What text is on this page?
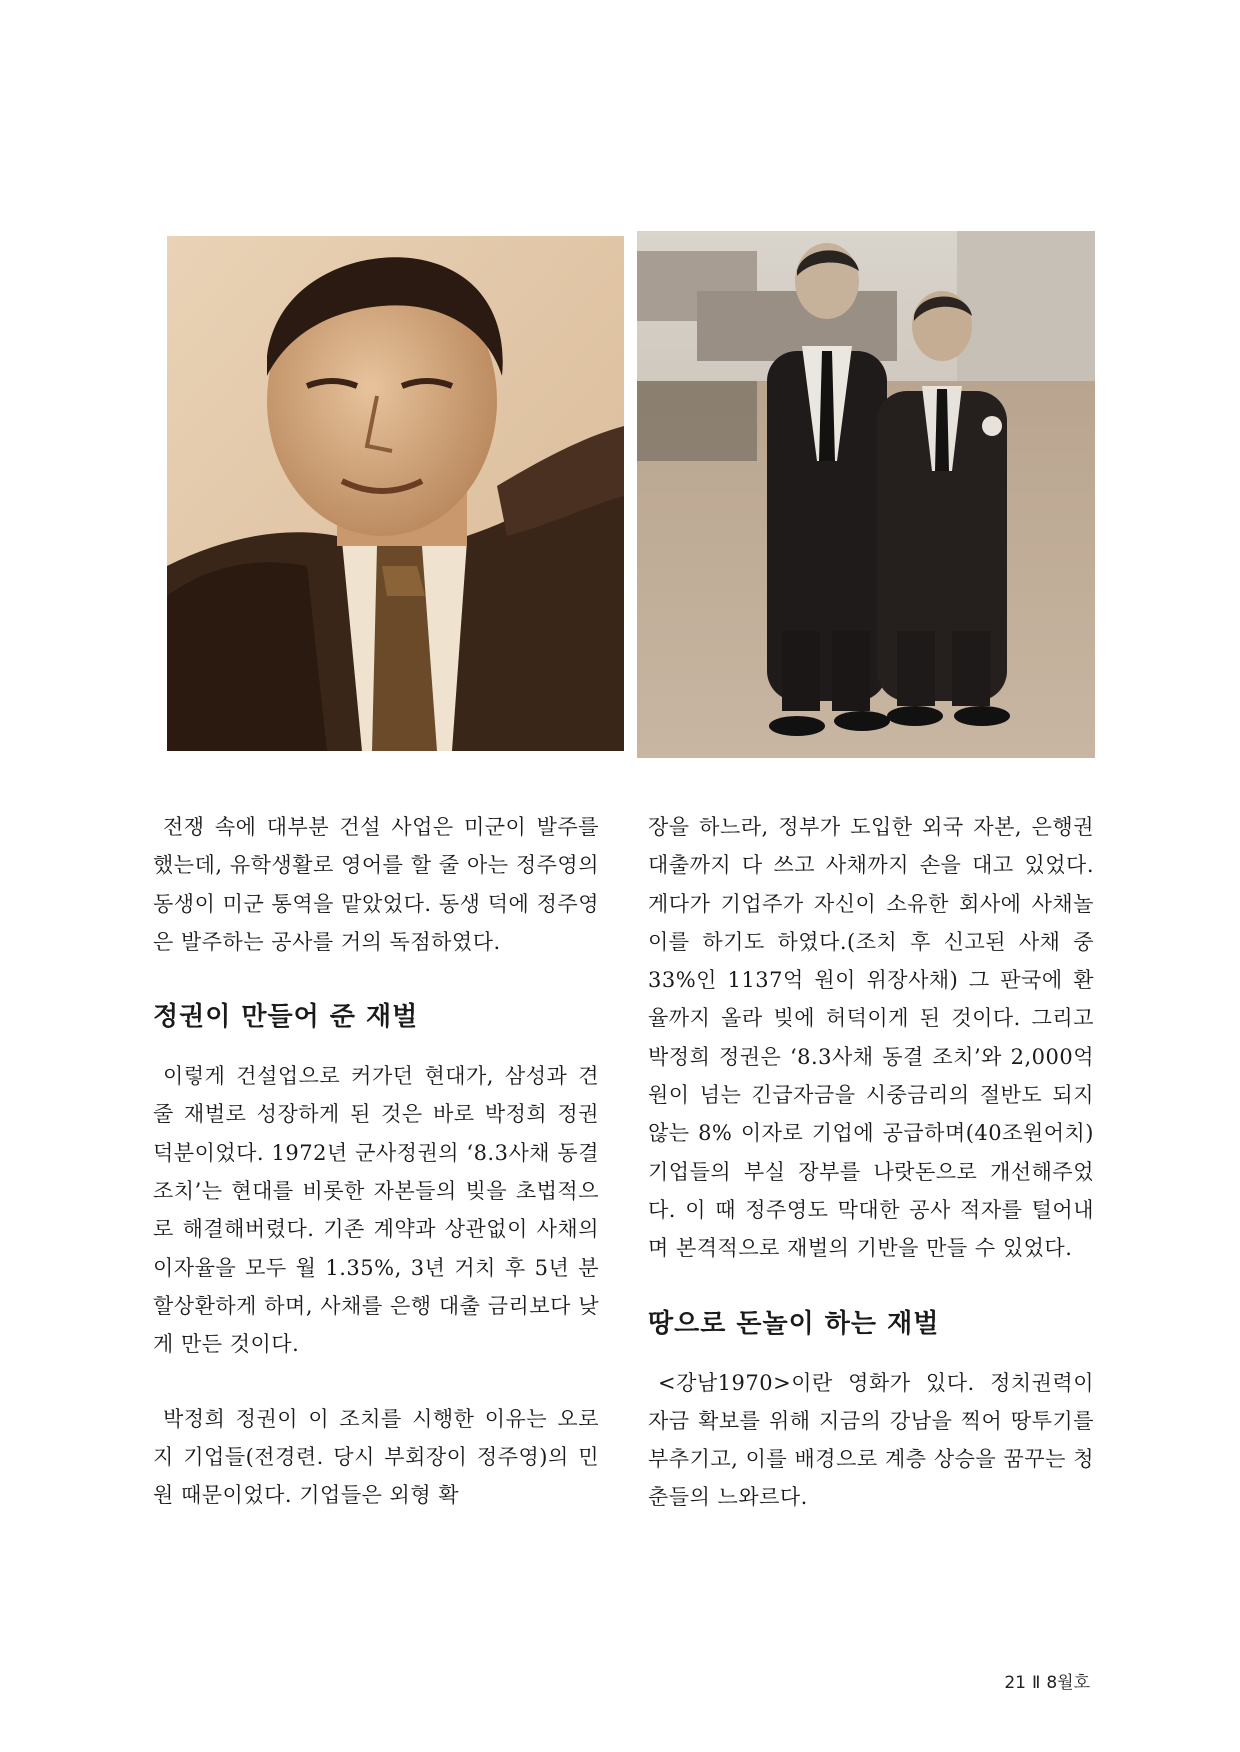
전쟁 속에 대부분 건설 사업은 미군이 발주를 했는데, 유학생활로 영어를 할 줄 아는 정주영의 동생이 미군 통역을 맡았었다. 동생 덕에 정주영은 발주하는 공사를 거의 독점하였다.

정권이 만들어 준 재벌

이렇게 건설업으로 커가던 현대가, 삼성과 견줄 재벌로 성장하게 된 것은 바로 박정희 정권 덕분이었다. 1972년 군사정권의 ‘8.3사채 동결 조치’는 현대를 비롯한 자본들의 빚을 초법적으로 해결해버렸다. 기존 계약과 상관없이 사채의 이자율을 모두 월 1.35%, 3년 거치 후 5년 분할상환하게 하며, 사채를 은행 대출 금리보다 낮게 만든 것이다.

박정희 정권이 이 조치를 시행한 이유는 오로지 기업들(전경련. 당시 부회장이 정주영)의 민원 때문이었다. 기업들은 외형 확

장을 하느라, 정부가 도입한 외국 자본, 은행권 대출까지 다 쓰고 사채까지 손을 대고 있었다. 게다가 기업주가 자신이 소유한 회사에 사채놀이를 하기도 하였다.(조치 후 신고된 사채 중 33%인 1137억 원이 위장사채) 그 판국에 환율까지 올라 빚에 허덕이게 된 것이다. 그리고 박정희 정권은 ‘8.3사채 동결 조치’와 2,000억원이 넘는 긴급자금을 시중금리의 절반도 되지 않는 8% 이자로 기업에 공급하며(40조원어치) 기업들의 부실 장부를 나랏돈으로 개선해주었다. 이 때 정주영도 막대한 공사 적자를 털어내며 본격적으로 재벌의 기반을 만들 수 있었다.

땅으로 돈놀이 하는 재벌

<강남1970>이란 영화가 있다. 정치권력이 자금 확보를 위해 지금의 강남을 찍어 땅투기를 부추기고, 이를 배경으로 계층 상승을 꿈꾸는 청춘들의 느와르다.

21 Ⅱ 8월호
